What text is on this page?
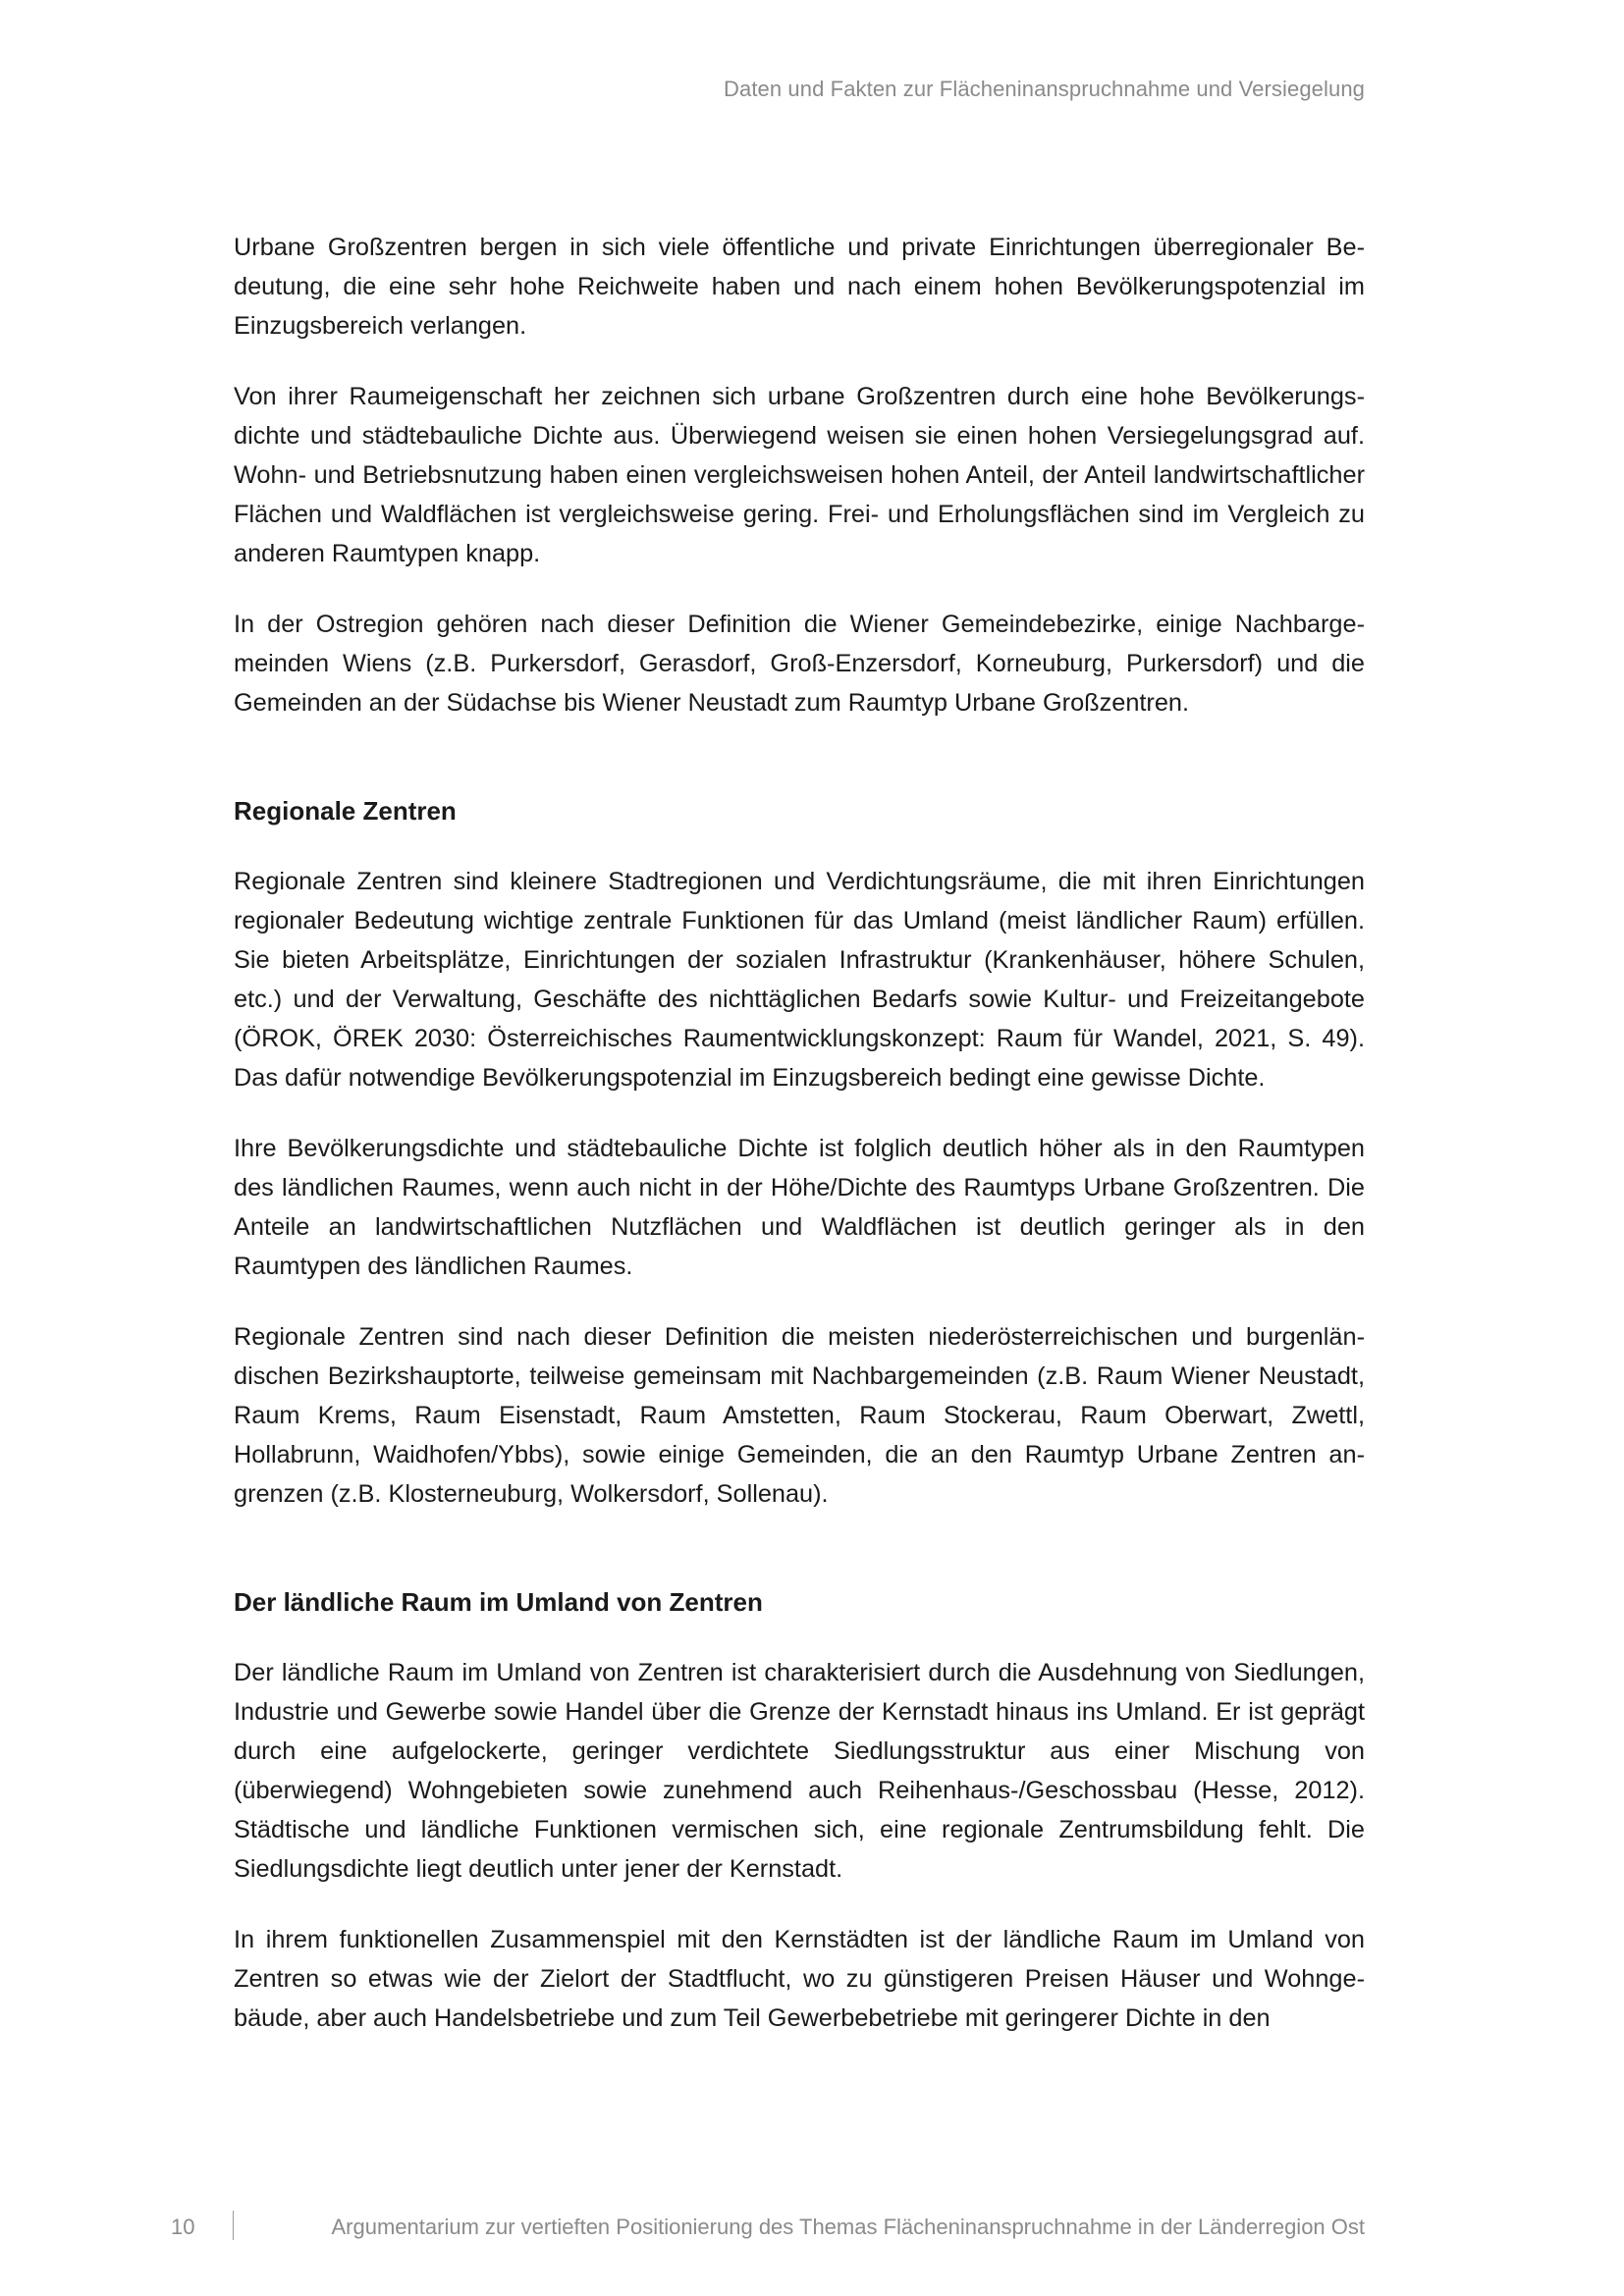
Daten und Fakten zur Flächeninanspruchnahme und Versiegelung

Urbane Großzentren bergen in sich viele öffentliche und private Einrichtungen überregionaler Bedeutung, die eine sehr hohe Reichweite haben und nach einem hohen Bevölkerungspotenzial im Einzugsbereich verlangen.

Von ihrer Raumeigenschaft her zeichnen sich urbane Großzentren durch eine hohe Bevölkerungsdichte und städtebauliche Dichte aus. Überwiegend weisen sie einen hohen Versiegelungsgrad auf. Wohn- und Betriebsnutzung haben einen vergleichsweisen hohen Anteil, der Anteil landwirtschaftlicher Flächen und Waldflächen ist vergleichsweise gering. Frei- und Erholungsflächen sind im Vergleich zu anderen Raumtypen knapp.

In der Ostregion gehören nach dieser Definition die Wiener Gemeindebezirke, einige Nachbargemeinden Wiens (z.B. Purkersdorf, Gerasdorf, Groß-Enzersdorf, Korneuburg, Purkersdorf) und die Gemeinden an der Südachse bis Wiener Neustadt zum Raumtyp Urbane Großzentren.

Regionale Zentren

Regionale Zentren sind kleinere Stadtregionen und Verdichtungsräume, die mit ihren Einrichtungen regionaler Bedeutung wichtige zentrale Funktionen für das Umland (meist ländlicher Raum) erfüllen. Sie bieten Arbeitsplätze, Einrichtungen der sozialen Infrastruktur (Krankenhäuser, höhere Schulen, etc.) und der Verwaltung, Geschäfte des nichttäglichen Bedarfs sowie Kultur- und Freizeitangebote (ÖROK, ÖREK 2030: Österreichisches Raumentwicklungskonzept: Raum für Wandel, 2021, S. 49). Das dafür notwendige Bevölkerungspotenzial im Einzugsbereich bedingt eine gewisse Dichte.

Ihre Bevölkerungsdichte und städtebauliche Dichte ist folglich deutlich höher als in den Raumtypen des ländlichen Raumes, wenn auch nicht in der Höhe/Dichte des Raumtyps Urbane Großzentren. Die Anteile an landwirtschaftlichen Nutzflächen und Waldflächen ist deutlich geringer als in den Raumtypen des ländlichen Raumes.

Regionale Zentren sind nach dieser Definition die meisten niederösterreichischen und burgenländischen Bezirkshauptorte, teilweise gemeinsam mit Nachbargemeinden (z.B. Raum Wiener Neustadt, Raum Krems, Raum Eisenstadt, Raum Amstetten, Raum Stockerau, Raum Oberwart, Zwettl, Hollabrunn, Waidhofen/Ybbs), sowie einige Gemeinden, die an den Raumtyp Urbane Zentren angrenzen (z.B. Klosterneuburg, Wolkersdorf, Sollenau).

Der ländliche Raum im Umland von Zentren

Der ländliche Raum im Umland von Zentren ist charakterisiert durch die Ausdehnung von Siedlungen, Industrie und Gewerbe sowie Handel über die Grenze der Kernstadt hinaus ins Umland. Er ist geprägt durch eine aufgelockerte, geringer verdichtete Siedlungsstruktur aus einer Mischung von (überwiegend) Wohngebieten sowie zunehmend auch Reihenhaus-/Geschossbau (Hesse, 2012). Städtische und ländliche Funktionen vermischen sich, eine regionale Zentrumsbildung fehlt. Die Siedlungsdichte liegt deutlich unter jener der Kernstadt.

In ihrem funktionellen Zusammenspiel mit den Kernstädten ist der ländliche Raum im Umland von Zentren so etwas wie der Zielort der Stadtflucht, wo zu günstigeren Preisen Häuser und Wohngebäude, aber auch Handelsbetriebe und zum Teil Gewerbebetriebe mit geringerer Dichte in den

10	Argumentarium zur vertieften Positionierung des Themas Flächeninanspruchnahme in der Länderregion Ost
